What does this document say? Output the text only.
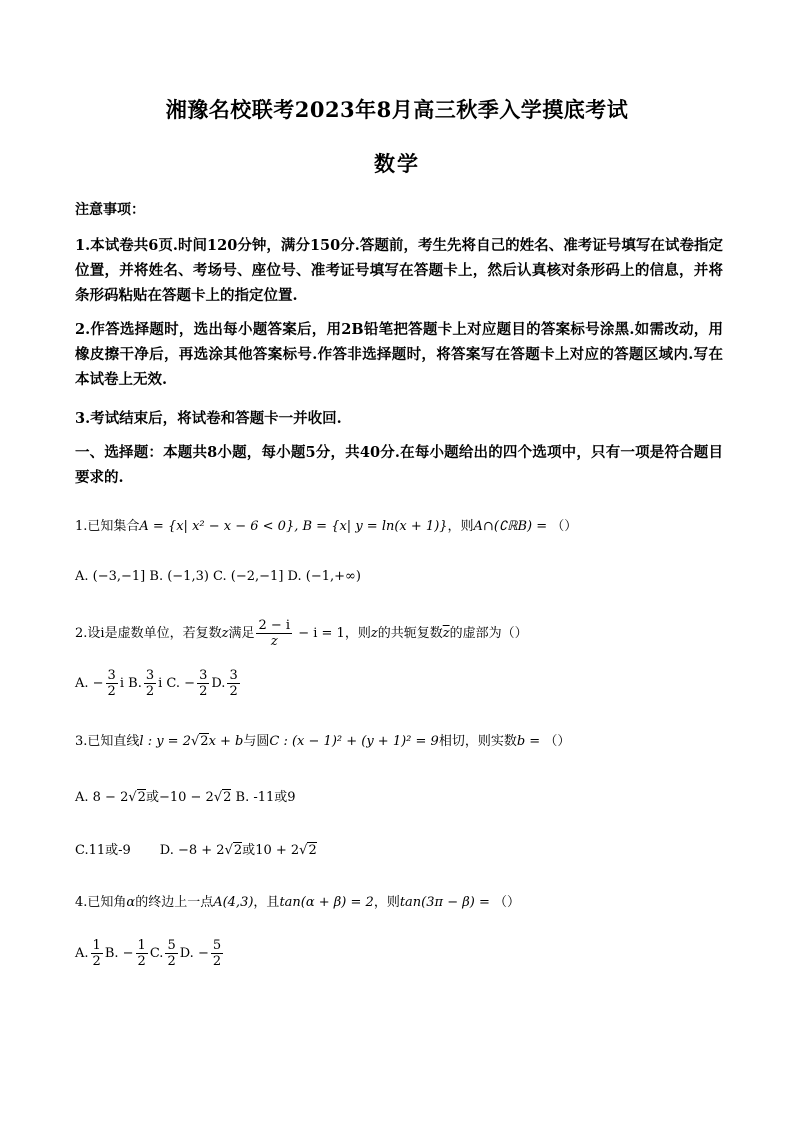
湘豫名校联考2023年8月高三秋季入学摸底考试
数学
注意事项：
1.本试卷共6页.时间120分钟，满分150分.答题前，考生先将自己的姓名、准考证号填写在试卷指定位置，并将姓名、考场号、座位号、准考证号填写在答题卡上，然后认真核对条形码上的信息，并将条形码粘贴在答题卡上的指定位置.
2.作答选择题时，选出每小题答案后，用2B铅笔把答题卡上对应题目的答案标号涂黑.如需改动，用橡皮擦干净后，再选涂其他答案标号.作答非选择题时，将答案写在答题卡上对应的答题区域内.写在本试卷上无效.
3.考试结束后，将试卷和答题卡一并收回.
一、选择题：本题共8小题，每小题5分，共40分.在每小题给出的四个选项中，只有一项是符合题目要求的.
1.已知集合A = {x| x² − x − 6 < 0}, B = {x| y = ln(x + 1)}，则A∩(∁ℝB) = （）
A. (−3,−1] B. (−1,3) C. (−2,−1] D. (−1,+∞)
2.设i是虚数单位，若复数z满足 $\frac{2 - i}{z} - i = 1$，则z的共轭复数$\overline{z}$的虚部为（）
A. − $\frac{3}{2}$ i B. $\frac{3}{2}$ i C. − $\frac{3}{2} D$. $\frac{3}{2}$
3.已知直线l : y = 2√2x + b与圆C : (x − 1)² + (y + 1)² = 9相切，则实数b = （）
A. 8 − 2√2或−10 − 2√2 B. -11或9
C.11或-9 D. −8 + 2√2或10 + 2√2
4.已知角α的终边上一点A(4,3)，且tan(α + β) = 2，则tan(3π − β) = （）
A. $\frac{1}{2} B$. − $\frac{1}{2} C$. $\frac{5}{2} D$. − $\frac{5}{2}$
